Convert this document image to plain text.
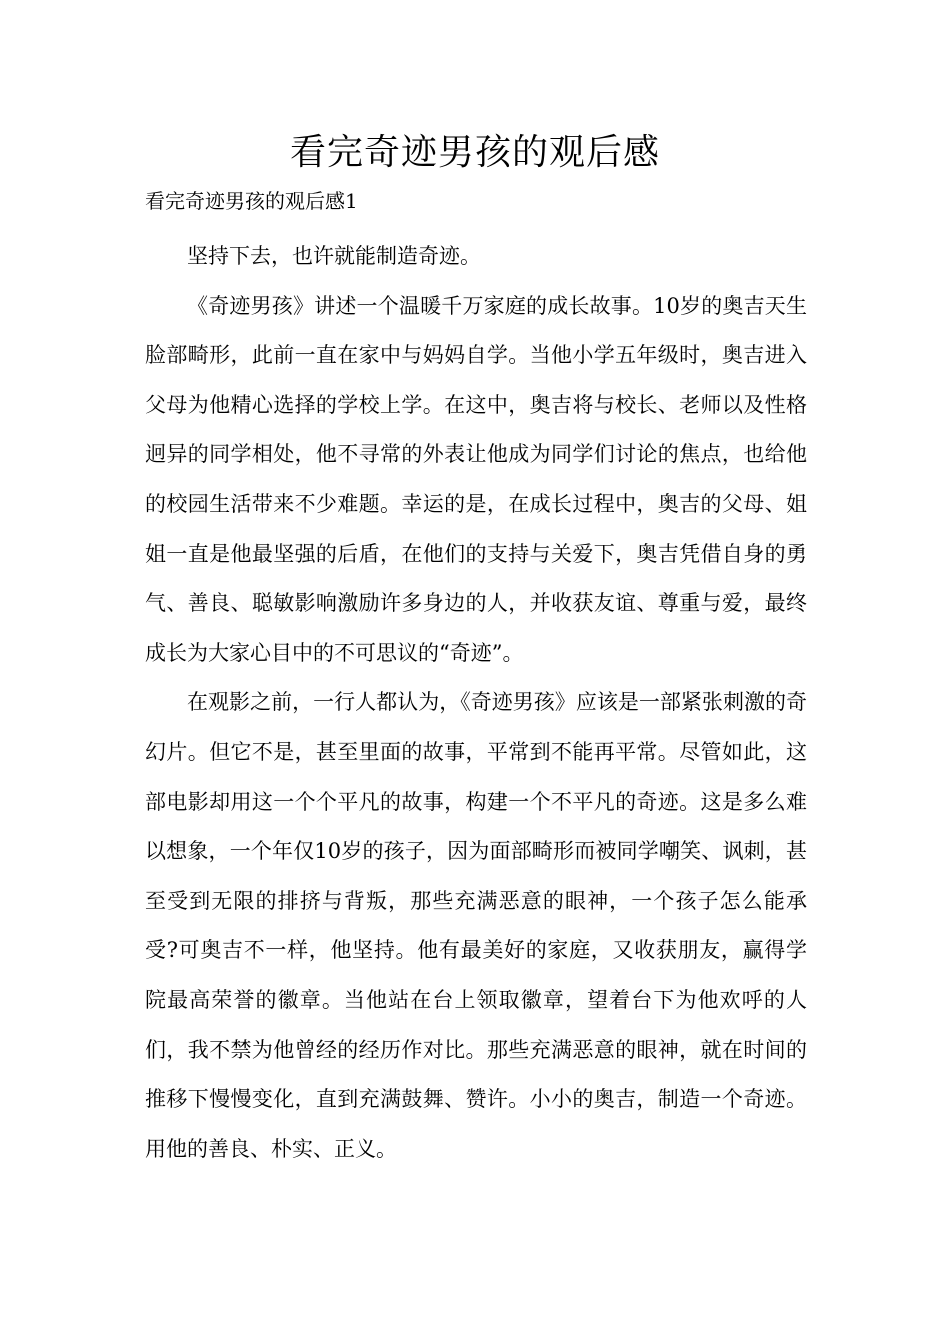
看完奇迹男孩的观后感

看完奇迹男孩的观后感1

坚持下去，也许就能制造奇迹。

《奇迹男孩》讲述一个温暖千万家庭的成长故事。10岁的奥吉天生脸部畸形，此前一直在家中与妈妈自学。当他小学五年级时，奥吉进入父母为他精心选择的学校上学。在这中，奥吉将与校长、老师以及性格迥异的同学相处，他不寻常的外表让他成为同学们讨论的焦点，也给他的校园生活带来不少难题。幸运的是，在成长过程中，奥吉的父母、姐姐一直是他最坚强的后盾，在他们的支持与关爱下，奥吉凭借自身的勇气、善良、聪敏影响激励许多身边的人，并收获友谊、尊重与爱，最终成长为大家心目中的不可思议的“奇迹”。

在观影之前，一行人都认为，《奇迹男孩》应该是一部紧张刺激的奇幻片。但它不是，甚至里面的故事，平常到不能再平常。尽管如此，这部电影却用这一个个平凡的故事，构建一个不平凡的奇迹。这是多么难以想象，一个年仅10岁的孩子，因为面部畸形而被同学嘲笑、讽刺，甚至受到无限的排挤与背叛，那些充满恶意的眼神，一个孩子怎么能承受?可奥吉不一样，他坚持。他有最美好的家庭，又收获朋友，赢得学院最高荣誉的徽章。当他站在台上领取徽章，望着台下为他欢呼的人们，我不禁为他曾经的经历作对比。那些充满恶意的眼神，就在时间的推移下慢慢变化，直到充满鼓舞、赞许。小小的奥吉，制造一个奇迹。用他的善良、朴实、正义。
